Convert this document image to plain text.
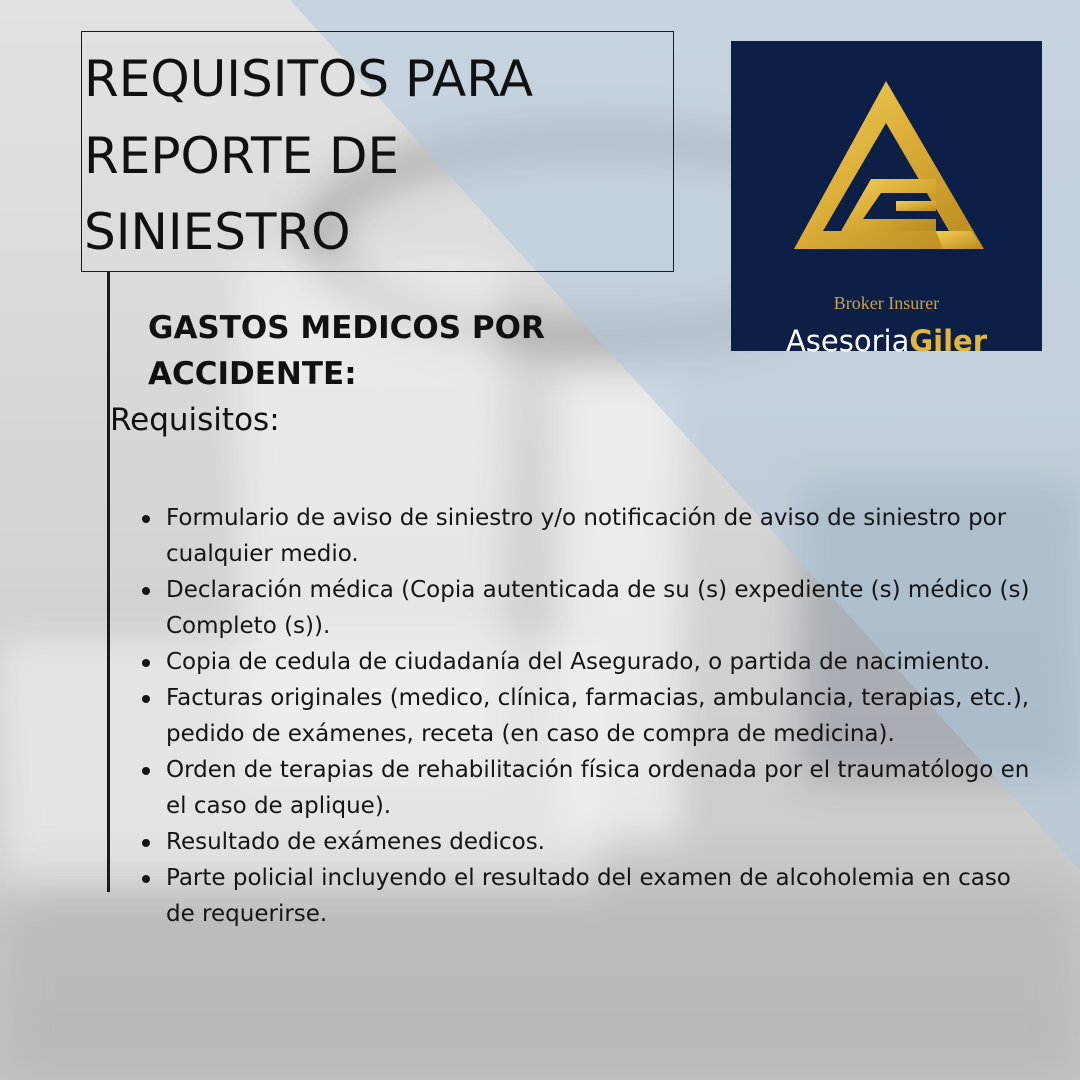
REQUISITOS PARA
REPORTE DE
SINIESTRO
GASTOS MEDICOS POR
ACCIDENTE:
Requisitos:
Formulario de aviso de siniestro y/o notificación de aviso de siniestro por cualquier medio.
Declaración médica (Copia autenticada de su (s) expediente (s) médico (s) Completo (s)).
Copia de cedula de ciudadanía del Asegurado, o partida de nacimiento.
Facturas originales (medico, clínica, farmacias, ambulancia, terapias, etc.), pedido de exámenes, receta (en caso de compra de medicina).
Orden de terapias de rehabilitación física ordenada por el traumatólogo en el caso de aplique).
Resultado de exámenes dedicos.
Parte policial incluyendo el resultado del examen de alcoholemia en caso de requerirse.
Broker Insurer
AsesoriaGiler
